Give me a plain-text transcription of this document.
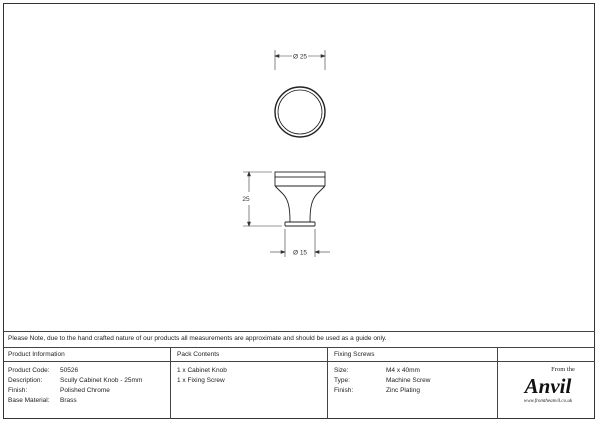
Ø 25
25
Ø 15
Please Note, due to the hand crafted nature of our products all measurements are approximate and should be used as a guide only.
Product Information	Pack Contents	Fixing Screws
Product Code: 50526
Description:	Scully Cabinet Knob - 25mm
Finish:	Polished Chrome
Base Material: Brass
1 x Cabinet Knob
1 x Fixing Screw
Size:	M4 x 40mm
Type:	Machine Screw
Finish:	Zinc Plating
From the
Anvil
www.fromtheanvil.co.uk
